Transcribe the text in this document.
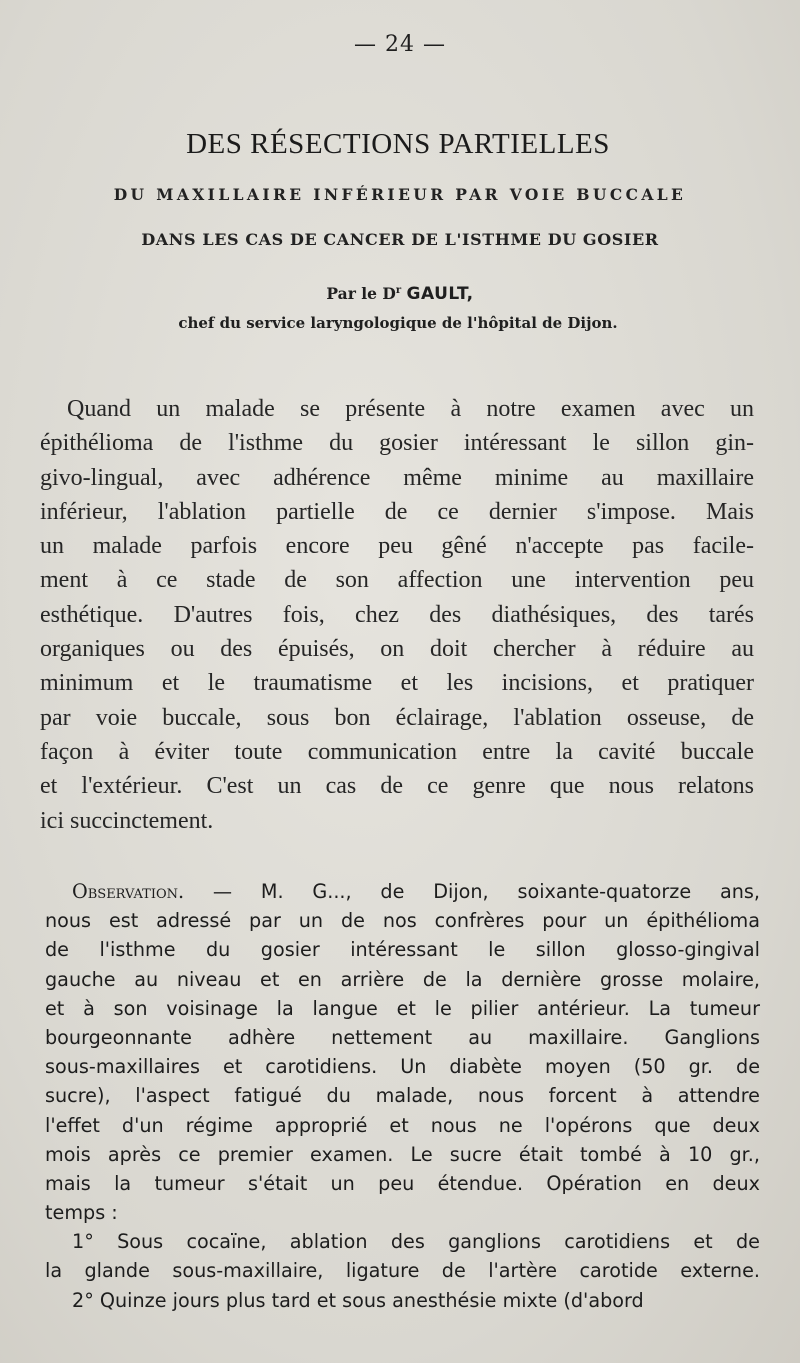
— 24 —
DES RÉSECTIONS PARTIELLES
DU MAXILLAIRE INFÉRIEUR PAR VOIE BUCCALE
DANS LES CAS DE CANCER DE L'ISTHME DU GOSIER
Par le $D^r$ GAULT,
chef du service laryngologique de l'hôpital de Dijon.
Quand un malade se présente à notre examen avec un
épithélioma de l'isthme du gosier intéressant le sillon gin-
givo-lingual, avec adhérence même minime au maxillaire
inférieur, l'ablation partielle de ce dernier s'impose. Mais
un malade parfois encore peu gêné n'accepte pas facile-
ment à ce stade de son affection une intervention peu
esthétique. D'autres fois, chez des diathésiques, des tarés
organiques ou des épuisés, on doit chercher à réduire au
minimum et le traumatisme et les incisions, et pratiquer
par voie buccale, sous bon éclairage, l'ablation osseuse, de
façon à éviter toute communication entre la cavité buccale
et l'extérieur. C'est un cas de ce genre que nous relatons
ici succinctement.
Observation. — M. G..., de Dijon, soixante-quatorze ans,
nous est adressé par un de nos confrères pour un épithélioma
de l'isthme du gosier intéressant le sillon glosso-gingival
gauche au niveau et en arrière de la dernière grosse molaire,
et à son voisinage la langue et le pilier antérieur. La tumeur
bourgeonnante adhère nettement au maxillaire. Ganglions
sous-maxillaires et carotidiens. Un diabète moyen (50 gr. de
sucre), l'aspect fatigué du malade, nous forcent à attendre
l'effet d'un régime approprié et nous ne l'opérons que deux
mois après ce premier examen. Le sucre était tombé à 10 gr.,
mais la tumeur s'était un peu étendue. Opération en deux
temps :
1° Sous cocaïne, ablation des ganglions carotidiens et de
la glande sous-maxillaire, ligature de l'artère carotide externe.
2° Quinze jours plus tard et sous anesthésie mixte (d'abord
